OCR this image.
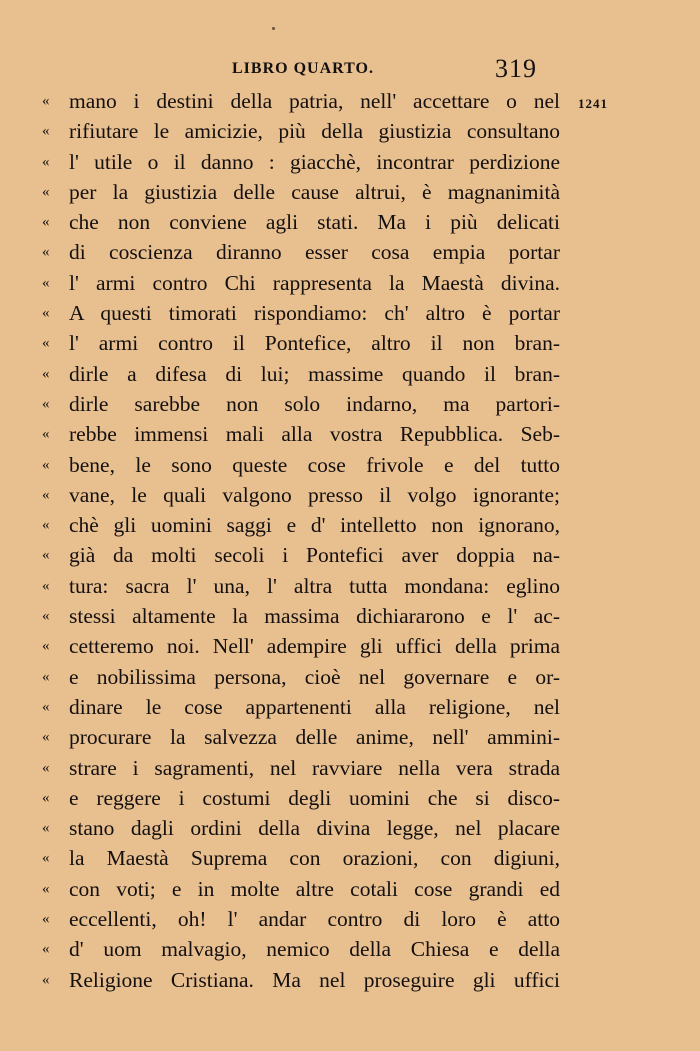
LIBRO QUARTO.	319
1241
« mano i destini della patria, nell' accettare o nel
« rifiutare le amicizie, più della giustizia consultano
« l' utile o il danno : giacchè, incontrar perdizione
« per la giustizia delle cause altrui, è magnanimità
« che non conviene agli stati. Ma i più delicati
« di coscienza diranno esser cosa empia portar
« l' armi contro Chi rappresenta la Maestà divina.
« A questi timorati rispondiamo: ch' altro è portar
« l' armi contro il Pontefice, altro il non bran-
« dirle a difesa di lui; massime quando il bran-
« dirle sarebbe non solo indarno, ma partori-
« rebbe immensi mali alla vostra Repubblica. Seb-
« bene, le sono queste cose frivole e del tutto
« vane, le quali valgono presso il volgo ignorante;
« chè gli uomini saggi e d' intelletto non ignorano,
« già da molti secoli i Pontefici aver doppia na-
« tura: sacra l' una, l' altra tutta mondana: eglino
« stessi altamente la massima dichiararono e l' ac-
« cetteremo noi. Nell' adempire gli uffici della prima
« e nobilissima persona, cioè nel governare e or-
« dinare le cose appartenenti alla religione, nel
« procurare la salvezza delle anime, nell' ammini-
« strare i sagramenti, nel ravviare nella vera strada
« e reggere i costumi degli uomini che si disco-
« stano dagli ordini della divina legge, nel placare
« la Maestà Suprema con orazioni, con digiuni,
« con voti; e in molte altre cotali cose grandi ed
« eccellenti, oh! l' andar contro di loro è atto
« d' uom malvagio, nemico della Chiesa e della
« Religione Cristiana. Ma nel proseguire gli uffici
